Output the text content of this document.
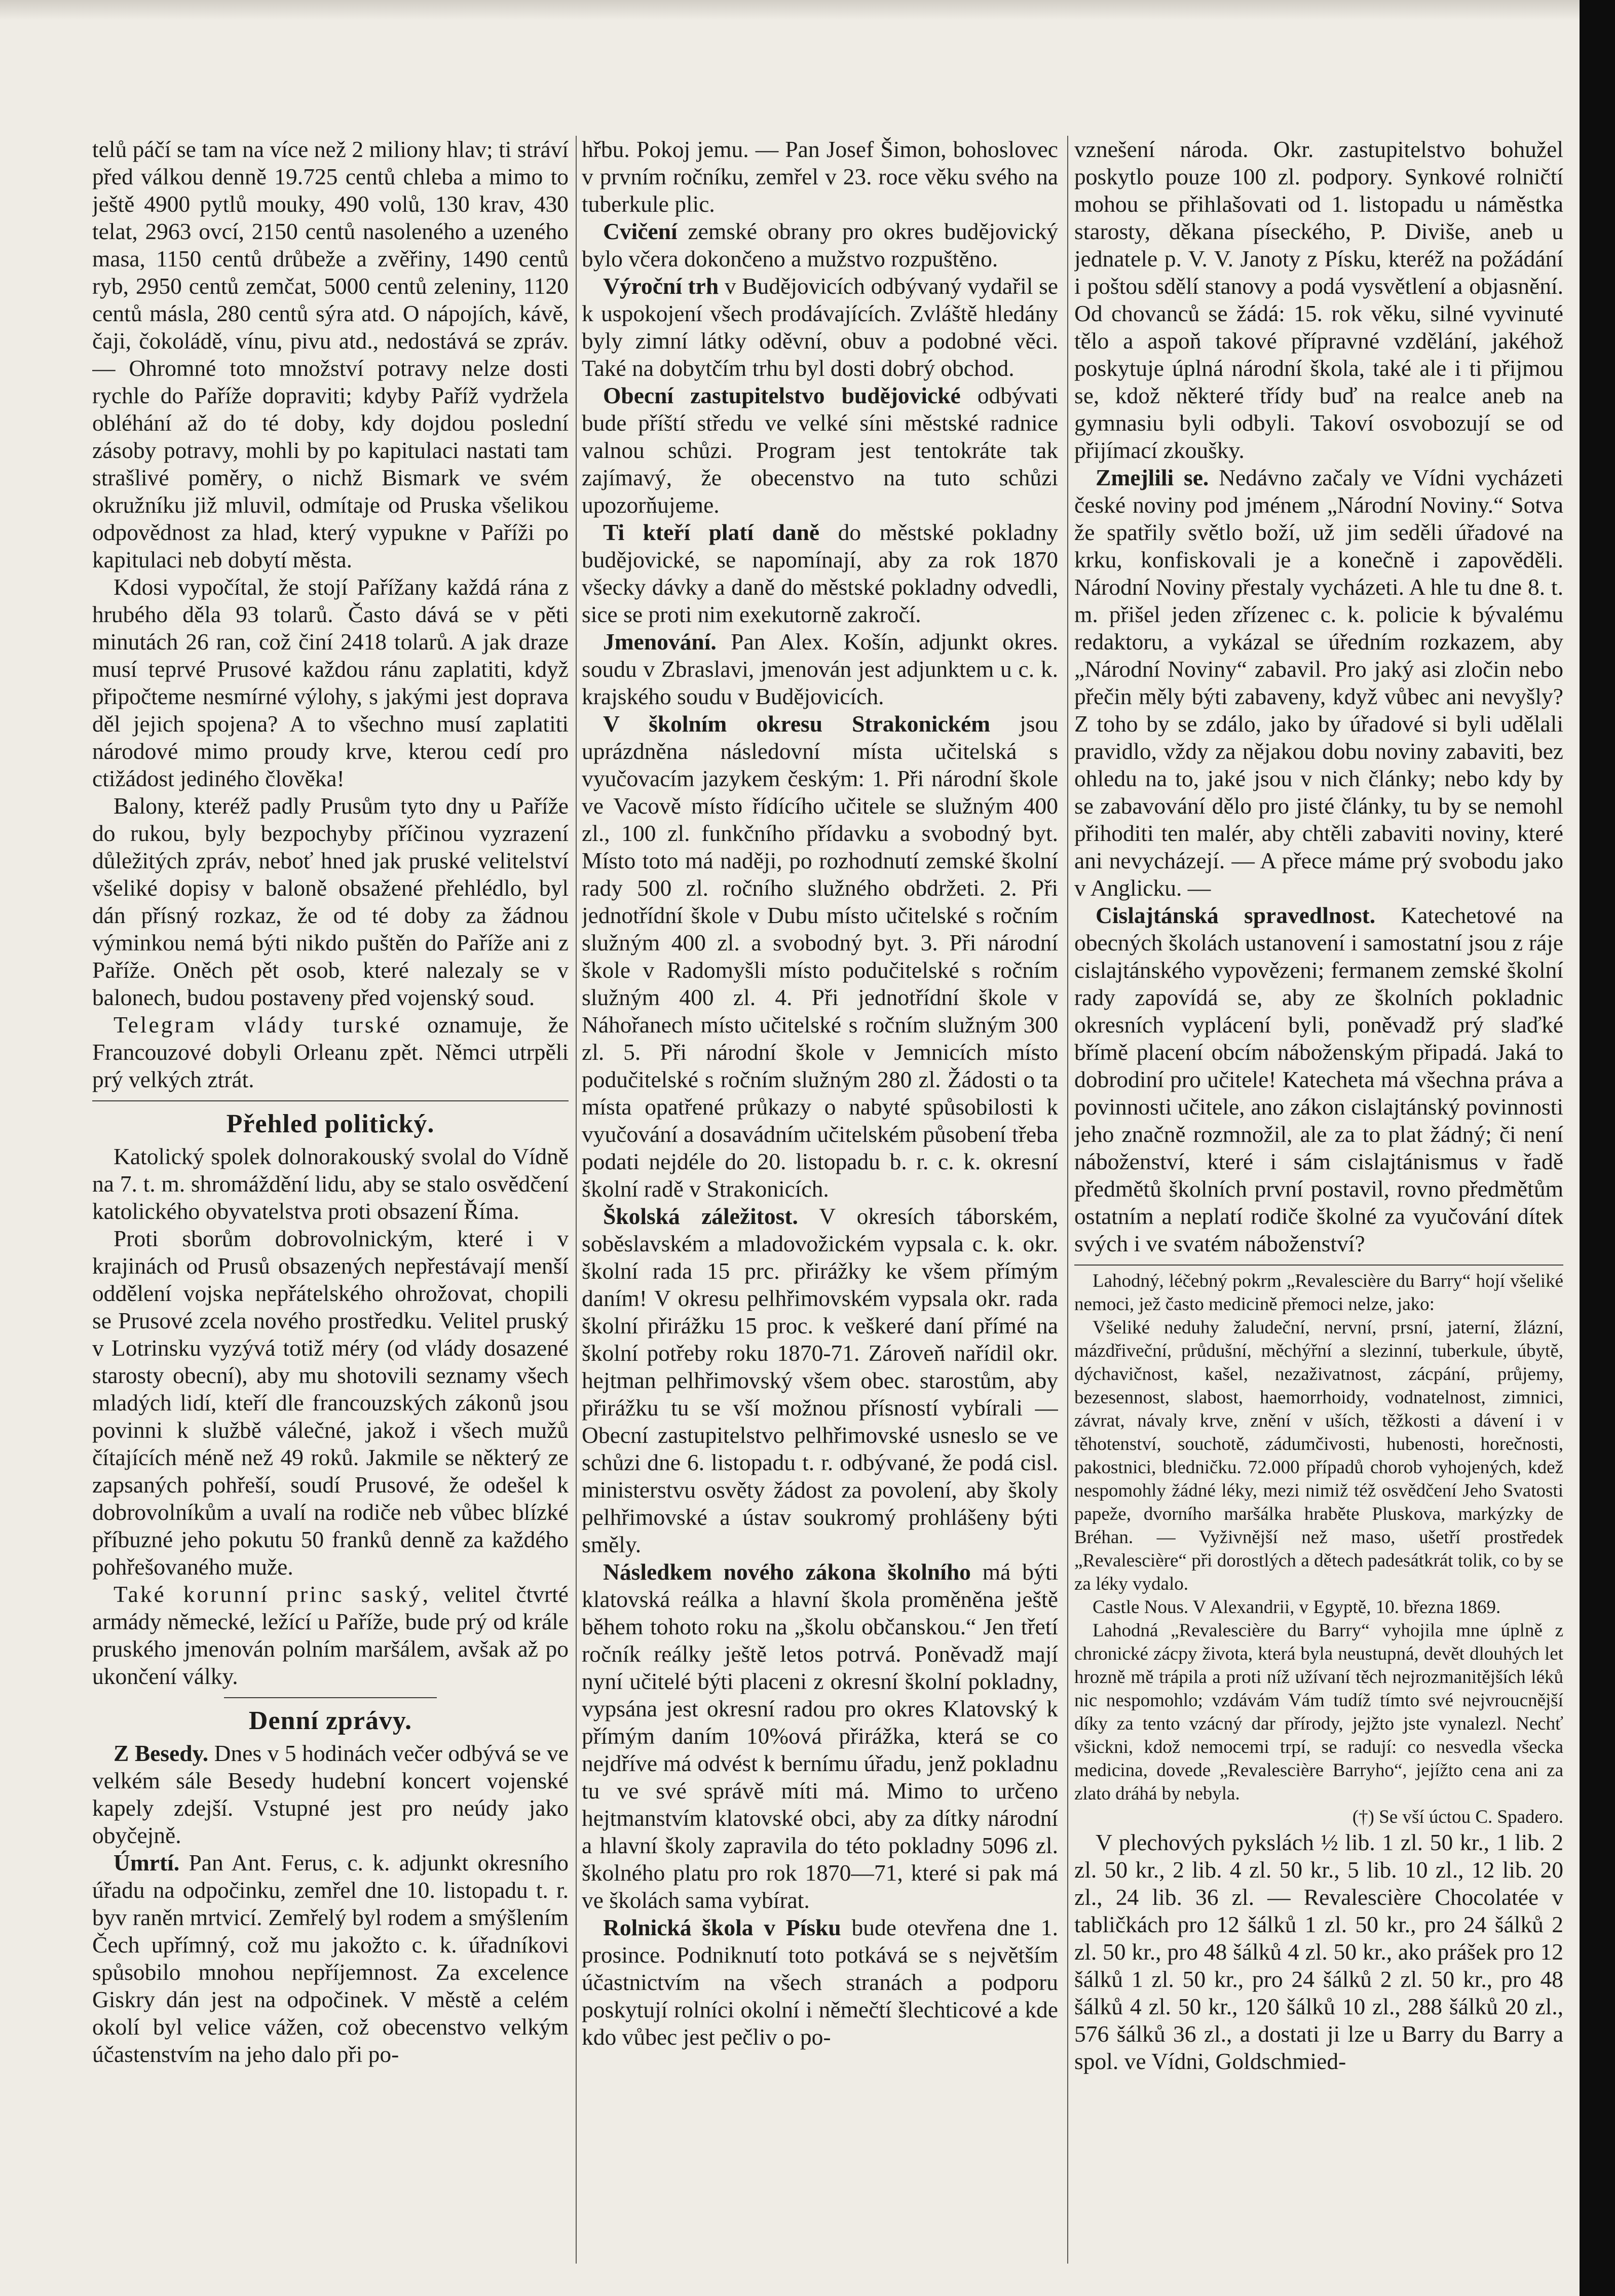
telů páčí se tam na více než 2 miliony hlav; ti stráví před válkou denně 19.725 centů chleba a mimo to ještě 4900 pytlů mouky, 490 volů, 130 krav, 430 telat, 2963 ovcí, 2150 centů nasoleného a uzeného masa, 1150 centů drůbeže a zvěřiny, 1490 centů ryb, 2950 centů zemčat, 5000 centů zeleniny, 1120 centů másla, 280 centů sýra atd. O nápojích, kávě, čaji, čokoládě, vínu, pivu atd., nedostává se zpráv. — Ohromné toto množství potravy nelze dosti rychle do Paříže dopraviti; kdyby Paříž vydržela obléhání až do té doby, kdy dojdou poslední zásoby potravy, mohli by po kapitulaci nastati tam strašlivé poměry, o nichž Bismark ve svém okružníku již mluvil, odmítaje od Pruska všelikou odpovědnost za hlad, který vypukne v Paříži po kapitulaci neb dobytí města.

Kdosi vypočítal, že stojí Pařížany každá rána z hrubého děla 93 tolarů. Často dává se v pěti minutách 26 ran, což činí 2418 tolarů. A jak draze musí teprvé Prusové každou ránu zaplatiti, když připočteme nesmírné výlohy, s jakými jest doprava děl jejich spojena? A to všechno musí zaplatiti národové mimo proudy krve, kterou cedí pro ctižádost jediného člověka!

Balony, kteréž padly Prusům tyto dny u Paříže do rukou, byly bezpochyby příčinou vyzrazení důležitých zpráv, neboť hned jak pruské velitelství všeliké dopisy v baloně obsažené přehlédlo, byl dán přísný rozkaz, že od té doby za žádnou výminkou nemá býti nikdo puštěn do Paříže ani z Paříže. Oněch pět osob, které nalezaly se v balonech, budou postaveny před vojenský soud.

Telegram vlády turské oznamuje, že Francouzové dobyli Orleanu zpět. Němci utrpěli prý velkých ztrát.

Přehled politický.

Katolický spolek dolnorakouský svolal do Vídně na 7. t. m. shromáždění lidu, aby se stalo osvědčení katolického obyvatelstva proti obsazení Říma.

Proti sborům dobrovolnickým, které i v krajinách od Prusů obsazených nepřestávají menší oddělení vojska nepřátelského ohrožovat, chopili se Prusové zcela nového prostředku. Velitel pruský v Lotrinsku vyzývá totiž méry (od vlády dosazené starosty obecní), aby mu shotovili seznamy všech mladých lidí, kteří dle francouzských zákonů jsou povinni k službě válečné, jakož i všech mužů čítajících méně než 49 roků. Jakmile se některý ze zapsaných pohřeší, soudí Prusové, že odešel k dobrovolníkům a uvalí na rodiče neb vůbec blízké příbuzné jeho pokutu 50 franků denně za každého pohřešovaného muže.

Také korunní princ saský, velitel čtvrté armády německé, ležící u Paříže, bude prý od krále pruského jmenován polním maršálem, avšak až po ukončení války.

Denní zprávy.

Z Besedy. Dnes v 5 hodinách večer odbývá se ve velkém sále Besedy hudební koncert vojenské kapely zdejší. Vstupné jest pro neúdy jako obyčejně.

Úmrtí. Pan Ant. Ferus, c. k. adjunkt okresního úřadu na odpočinku, zemřel dne 10. listopadu t. r. byv raněn mrtvicí. Zemřelý byl rodem a smýšlením Čech upřímný, což mu jakožto c. k. úřadníkovi spůsobilo mnohou nepříjemnost. Za excelence Giskry dán jest na odpočinek. V městě a celém okolí byl velice vážen, což obecenstvo velkým účastenstvím na jeho dalo při po-

hřbu. Pokoj jemu. — Pan Josef Šimon, bohoslovec v prvním ročníku, zemřel v 23. roce věku svého na tuberkule plic.

Cvičení zemské obrany pro okres budějovický bylo včera dokončeno a mužstvo rozpuštěno.

Výroční trh v Budějovicích odbývaný vydařil se k uspokojení všech prodávajících. Zvláště hledány byly zimní látky oděvní, obuv a podobné věci. Také na dobytčím trhu byl dosti dobrý obchod.

Obecní zastupitelstvo budějovické odbývati bude příští středu ve velké síni městské radnice valnou schůzi. Program jest tentokráte tak zajímavý, že obecenstvo na tuto schůzi upozorňujeme.

Ti kteří platí daně do městské pokladny budějovické, se napomínají, aby za rok 1870 všecky dávky a daně do městské pokladny odvedli, sice se proti nim exekutorně zakročí.

Jmenování. Pan Alex. Košín, adjunkt okres. soudu v Zbraslavi, jmenován jest adjunktem u c. k. krajského soudu v Budějovicích.

V školním okresu Strakonickém jsou uprázdněna následovní místa učitelská s vyučovacím jazykem českým: 1. Při národní škole ve Vacově místo řídícího učitele se služným 400 zl., 100 zl. funkčního přídavku a svobodný byt. Místo toto má naději, po rozhodnutí zemské školní rady 500 zl. ročního služného obdržeti. 2. Při jednotřídní škole v Dubu místo učitelské s ročním služným 400 zl. a svobodný byt. 3. Při národní škole v Radomyšli místo podučitelské s ročním služným 400 zl. 4. Při jednotřídní škole v Náhořanech místo učitelské s ročním služným 300 zl. 5. Při národní škole v Jemnicích místo podučitelské s ročním služným 280 zl. Žádosti o ta místa opatřené průkazy o nabyté spůsobilosti k vyučování a dosavádním učitelském působení třeba podati nejdéle do 20. listopadu b. r. c. k. okresní školní radě v Strakonicích.

Školská záležitost. V okresích táborském, soběslavském a mladovožickém vypsala c. k. okr. školní rada 15 prc. přirážky ke všem přímým daním! V okresu pelhřimovském vypsala okr. rada školní přirážku 15 proc. k veškeré daní přímé na školní potřeby roku 1870-71. Zároveň nařídil okr. hejtman pelhřimovský všem obec. starostům, aby přirážku tu se vší možnou přísností vybírali — Obecní zastupitelstvo pelhřimovské usneslo se ve schůzi dne 6. listopadu t. r. odbývané, že podá cisl. ministerstvu osvěty žádost za povolení, aby školy pelhřimovské a ústav soukromý prohlášeny býti směly.

Následkem nového zákona školního má býti klatovská reálka a hlavní škola proměněna ještě během tohoto roku na „školu občanskou.“ Jen třetí ročník reálky ještě letos potrvá. Poněvadž mají nyní učitelé býti placeni z okresní školní pokladny, vypsána jest okresní radou pro okres Klatovský k přímým daním 10%ová přirážka, která se co nejdříve má odvést k bernímu úřadu, jenž pokladnu tu ve své správě míti má. Mimo to určeno hejtmanstvím klatovské obci, aby za dítky národní a hlavní školy zapravila do této pokladny 5096 zl. školného platu pro rok 1870—71, které si pak má ve školách sama vybírat.

Rolnická škola v Písku bude otevřena dne 1. prosince. Podniknutí toto potkává se s největším účastnictvím na všech stranách a podporu poskytují rolníci okolní i němečtí šlechticové a kde kdo vůbec jest pečliv o po-

vznešení národa. Okr. zastupitelstvo bohužel poskytlo pouze 100 zl. podpory. Synkové rolničtí mohou se přihlašovati od 1. listopadu u náměstka starosty, děkana píseckého, P. Diviše, aneb u jednatele p. V. V. Janoty z Písku, kteréž na požádání i poštou sdělí stanovy a podá vysvětlení a objasnění. Od chovanců se žádá: 15. rok věku, silné vyvinuté tělo a aspoň takové přípravné vzdělání, jakéhož poskytuje úplná národní škola, také ale i ti přijmou se, kdož některé třídy buď na realce aneb na gymnasiu byli odbyli. Takoví osvobozují se od přijímací zkoušky.

Zmejlili se. Nedávno začaly ve Vídni vycházeti české noviny pod jménem „Národní Noviny.“ Sotva že spatřily světlo boží, už jim seděli úřadové na krku, konfiskovali je a konečně i zapověděli. Národní Noviny přestaly vycházeti. A hle tu dne 8. t. m. přišel jeden zřízenec c. k. policie k bývalému redaktoru, a vykázal se úředním rozkazem, aby „Národní Noviny“ zabavil. Pro jaký asi zločin nebo přečin měly býti zabaveny, když vůbec ani nevyšly? Z toho by se zdálo, jako by úřadové si byli udělali pravidlo, vždy za nějakou dobu noviny zabaviti, bez ohledu na to, jaké jsou v nich články; nebo kdy by se zabavování dělo pro jisté články, tu by se nemohl přihoditi ten malér, aby chtěli zabaviti noviny, které ani nevycházejí. — A přece máme prý svobodu jako v Anglicku. —

Cislajtánská spravedlnost. Katechetové na obecných školách ustanovení i samostatní jsou z ráje cislajtánského vypovězeni; fermanem zemské školní rady zapovídá se, aby ze školních pokladnic okresních vyplácení byli, poněvadž prý slaďké břímě placení obcím náboženským připadá. Jaká to dobrodiní pro učitele! Katecheta má všechna práva a povinnosti učitele, ano zákon cislajtánský povinnosti jeho značně rozmnožil, ale za to plat žádný; či není náboženství, které i sám cislajtánismus v řadě předmětů školních první postavil, rovno předmětům ostatním a neplatí rodiče školné za vyučování dítek svých i ve svatém náboženství?

Lahodný, léčebný pokrm „Revalescière du Barry“ hojí všeliké nemoci, jež často medicině přemoci nelze, jako:

Všeliké neduhy žaludeční, nervní, prsní, jaterní, žlázní, mázdřiveční, průdušní, měchýřní a slezinní, tuberkule, úbytě, dýchavičnost, kašel, nezaživatnost, zácpání, průjemy, bezesennost, slabost, haemorrhoidy, vodnatelnost, zimnici, závrat, návaly krve, znění v uších, těžkosti a dávení i v těhotenství, souchotě, zádumčivosti, hubenosti, horečnosti, pakostnici, bledničku. 72.000 případů chorob vyhojených, kdež nespomohly žádné léky, mezi nimiž též osvědčení Jeho Svatosti papeže, dvorního maršálka hraběte Pluskova, markýzky de Bréhan. — Vyživnější než maso, ušetří prostředek „Revalescière“ při dorostlých a dětech padesátkrát tolik, co by se za léky vydalo.

Castle Nous. V Alexandrii, v Egyptě, 10. března 1869.

Lahodná „Revalescière du Barry“ vyhojila mne úplně z chronické zácpy života, která byla neustupná, devět dlouhých let hrozně mě trápila a proti níž užívaní těch nejrozmanitějších léků nic nespomohlo; vzdávám Vám tudíž tímto své nejvroucnější díky za tento vzácný dar přírody, jejžto jste vynalezl. Nechť všickni, kdož nemocemi trpí, se radují: co nesvedla všecka medicina, dovede „Revalescière Barryho“, jejížto cena ani za zlato dráhá by nebyla.

(†) Se vší úctou C. Spadero.

V plechových pykslách ½ lib. 1 zl. 50 kr., 1 lib. 2 zl. 50 kr., 2 lib. 4 zl. 50 kr., 5 lib. 10 zl., 12 lib. 20 zl., 24 lib. 36 zl. — Revalescière Chocolatée v tabličkách pro 12 šálků 1 zl. 50 kr., pro 24 šálků 2 zl. 50 kr., pro 48 šálků 4 zl. 50 kr., ako prášek pro 12 šálků 1 zl. 50 kr., pro 24 šálků 2 zl. 50 kr., pro 48 šálků 4 zl. 50 kr., 120 šálků 10 zl., 288 šálků 20 zl., 576 šálků 36 zl., a dostati ji lze u Barry du Barry a spol. ve Vídni, Goldschmied-
